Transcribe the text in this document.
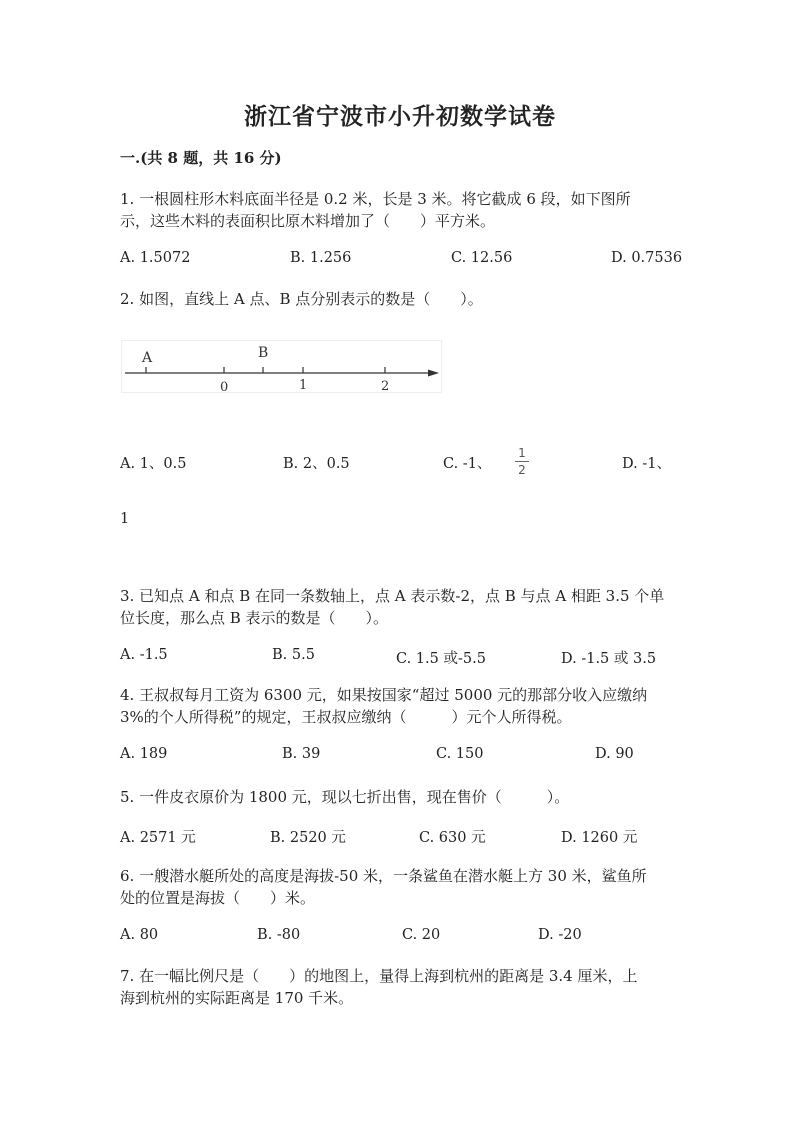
浙江省宁波市小升初数学试卷
一.(共 8 题，共 16 分)
1. 一根圆柱形木料底面半径是 0.2 米，长是 3 米。将它截成 6 段，如下图所
示，这些木料的表面积比原木料增加了（　　）平方米。
A. 1.5072	B. 1.256	C. 12.56	D. 0.7536
2. 如图，直线上 A 点、B 点分别表示的数是（　　）。
A	B
0	1	2
A. 1、0.5	B. 2、0.5	C. -1、
1
2	D. -1、
1
3. 已知点 A 和点 B 在同一条数轴上，点 A 表示数-2，点 B 与点 A 相距 3.5 个单
位长度，那么点 B 表示的数是（　　）。
A. -1.5	B. 5.5	C. 1.5 或-5.5	D. -1.5 或 3.5
4. 王叔叔每月工资为 6300 元，如果按国家“超过 5000 元的那部分收入应缴纳
3%的个人所得税”的规定，王叔叔应缴纳（　　　）元个人所得税。
A. 189	B. 39	C. 150	D. 90
5. 一件皮衣原价为 1800 元，现以七折出售，现在售价（　　　）。
A. 2571 元	B. 2520 元	C. 630 元	D. 1260 元
6. 一艘潜水艇所处的高度是海拔-50 米，一条鲨鱼在潜水艇上方 30 米，鲨鱼所
处的位置是海拔（　　）米。
A. 80	B. -80	C. 20	D. -20
7. 在一幅比例尺是（　　）的地图上，量得上海到杭州的距离是 3.4 厘米，上
海到杭州的实际距离是 170 千米。
